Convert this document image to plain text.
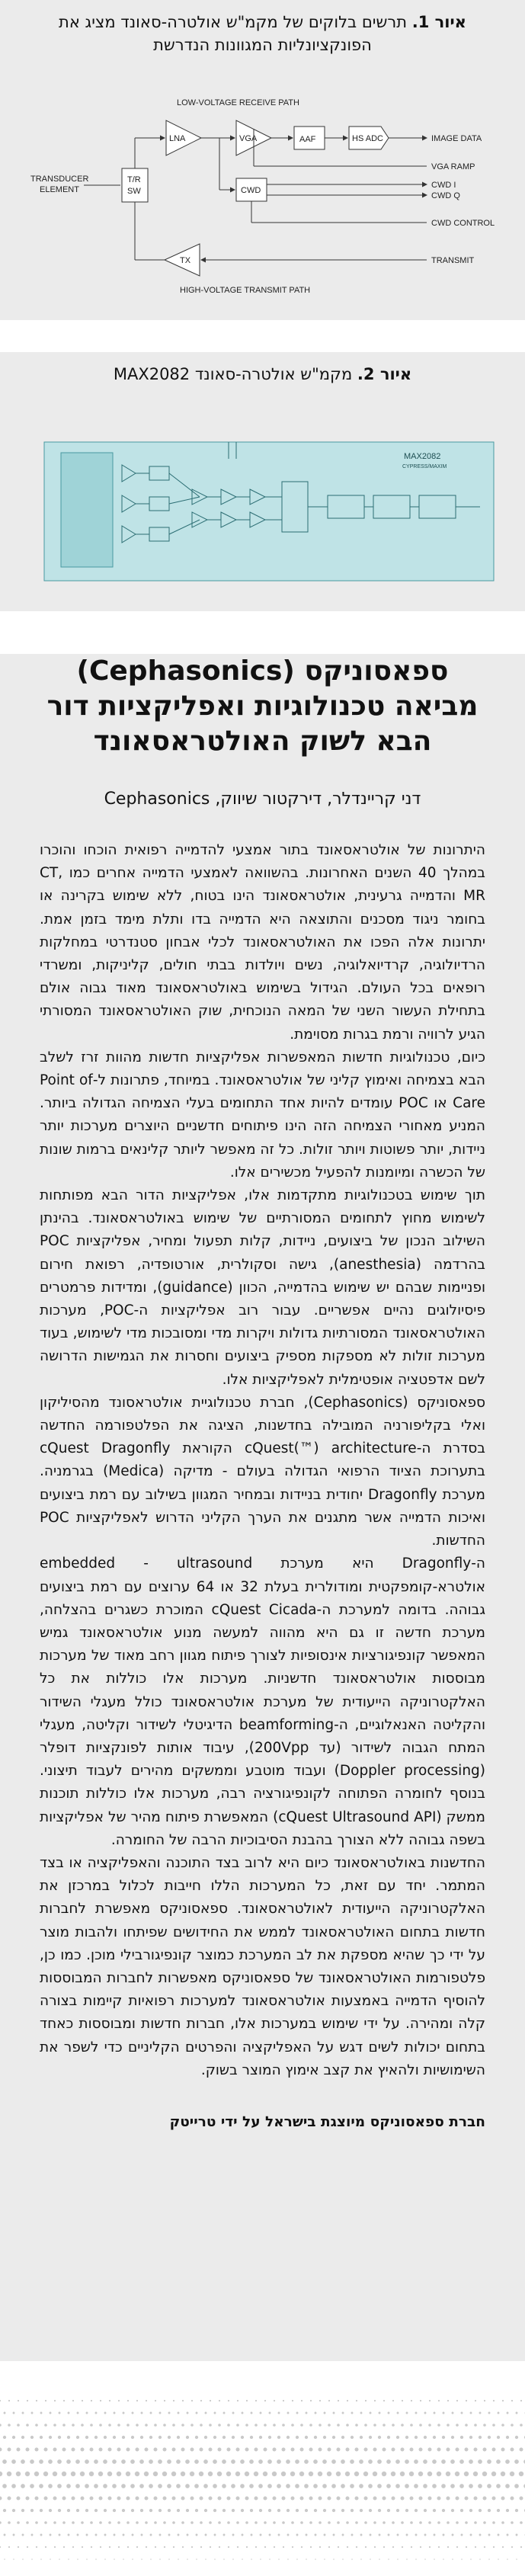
איור 1. תרשים בלוקים של מקמ"ש אולטרה-סאונד מציג את הפונקציונליות המגוונות הנדרשת
LOW-VOLTAGE RECEIVE PATH
LNA	VGA	AAF	HS ADC	IMAGE DATA
VGA RAMP
CWD
CWD I
CWD Q
CWD CONTROL
T/R
SW
TRANSDUCER
ELEMENT
TX	TRANSMIT
HIGH-VOLTAGE TRANSMIT PATH
איור 2. מקמ"ש אולטרה-סאונד MAX2082
MAX2082
CYPRESS/MAXIM
ספאסוניקס (Cephasonics) מביאה טכנולוגיות ואפליקציות דור הבא לשוק האולטראסאונד
דני קריינדלר, דירקטור שיווק, Cephasonics

היתרונות של אולטראסאונד בתור אמצעי להדמייה רפואית הוכחו והוכרו במהלך 40 השנים האחרונות. בהשוואה לאמצעי הדמייה אחרים כמו CT, MR והדמייה גרעינית, אולטראסאונד הינו בטוח, ללא שימוש בקרינה או בחומר ניגוד מסכנים והתוצאה היא הדמייה בדו ותלת מימד בזמן אמת. יתרונות אלה הפכו את האולטראסאונד לכלי אבחון סטנדרטי במחלקות הרדיולוגיה, קרדיואלוגיה, נשים ויולדות בבתי חולים, קליניקות, ומשרדי רופאים בכל העולם. הגידול בשימוש באולטראסאונד מאוד גבוה אולם בתחילת העשור השני של המאה הנוכחית, שוק האולטראסאונד המסורתי הגיע לרוויה ורמת בגרות מסוימת.

כיום, טכנולוגיות חדשות המאפשרות אפליקציות חדשות מהוות זרז לשלב הבא בצמיחה ואימוץ קליני של אולטראסאונד. במיוחד, פתרונות ל-Point of Care או POC עומדים להיות אחד התחומים בעלי הצמיחה הגדולה ביותר. המניע מאחורי הצמיחה הזה הינו פיתוחים חדשניים היוצרים מערכות יותר ניידות, יותר פשוטות ויותר זולות. כל זה מאפשר ליותר קלינאים ברמות שונות של הכשרה ומיומנות להפעיל מכשירים אלו.

תוך שימוש בטכנולוגיות מתקדמות אלו, אפליקציות הדור הבא מפותחות לשימוש מחוץ לתחומים המסורתיים של שימוש באולטראסאונד. בהינתן השילוב הנכון של ביצועים, ניידות, קלות תפעול ומחיר, אפליקציות POC בהרדמה (anesthesia), גישה וסקולרית, אורטופדיה, רפואת חירום ופניימות שבהם יש שימוש בהדמייה, הכוון (guidance), ומדידות פרמטרים פיסיולוגים נהיים אפשריים. עבור רוב אפליקציות ה-POC, מערכות האולטראסאונד המסורתיות גדולות ויקרות מדי ומסובכות מדי לשימוש, בעוד מערכות זולות לא מספקות מספיק ביצועים וחסרות את הגמישות הדרושה לשם אדפטציה אופטימלית לאפליקציות אלו.

ספאסוניקס (Cephasonics), חברת טכנולוגיית אולטראסונד מהסיליקון ואלי בקליפורניה המובילה בחדשנות, הציגה את הפלטפורמה החדשה בסדרת ה-cQuest(™) architecture הקוראת cQuest Dragonfly בתערוכת הציוד הרפואי הגדולה בעולם - מדיקה (Medica) בגרמניה. מערכת Dragonfly יחודית בניידות ובמחיר המגוון בשילוב עם רמת ביצועים ואיכות הדמייה אשר מתגנים את הערך הקליני הדרוש לאפליקציות POC החדשות.

ה-Dragonfly היא מערכת embedded - ultrasound אולטרא-קומפקטית ומודולרית בעלת 32 או 64 ערוצים עם רמת ביצועים גבוהה. בדומה למערכת ה-cQuest Cicada המוכרת כשגרים בהצלחה, מערכת חדשה זו גם היא מהווה למעשה מנוע אולטראסאונד גמיש המאפשר קונפיגורציות אינסופיות לצורך פיתוח מגוון רחב מאוד של מערכות מבוססות אולטראסאונד חדשניות. מערכות אלו כוללות את כל האלקטרוניקה הייעודית של מערכת אולטראסאונד כולל מעגלי השידור והקליטה האנאלוגיים, ה-beamforming הדיגיטלי לשידור וקליטה, מעגלי המתח הגבוה לשידור (עד 200Vpp), עיבוד אותות לפונקציות דופלר (Doppler processing) ועבוד מוטבע וממשקים מהירים לעבוד תיצוני. בנוסף לחומרה הפתוחה לקונפיגורציה רבה, מערכות אלו כוללות תוכנות ממשק (cQuest Ultrasound API) המאפשרת פיתוח מהיר של אפליקציות בשפה גבוהה ללא הצורך בהבנת הסיבוכיות הרבה של החומרה.

החדשנות באולטראסאונד כיום היא לרוב בצד התוכנה והאפליקציה או בצד המתמר. יחד עם זאת, כל המערכות הללו חייבות לכלול במרכזן את האלקטרוניקה הייעודית לאולטראסאונד. ספאסוניקס מאפשרת לחברות חדשות בתחום האולטראסאונד לממש את החידושים שפיתחו ולהבות מוצר על ידי כך שהיא מספקת את לב המערכת כמוצר קונפיגורבילי מוכן. כמו כן, פלטפורמות האולטראסאונד של ספאסוניקס מאפשרות לחברות המבוססות להוסיף הדמייה באמצעות אולטראסאונד למערכות רפואיות קיימות בצורה קלה ומהירה. על ידי שימוש במערכות אלו, חברות חדשות ומבוססות כאחד בתחום יכולות לשים דגש על האפליקציה והפרטים הקליניים כדי לשפר את השימושיות ולהאיץ את קצב אימוץ המוצר בשוק.

חברת ספאסוניקס מיוצגת בישראל על ידי טרייטק
